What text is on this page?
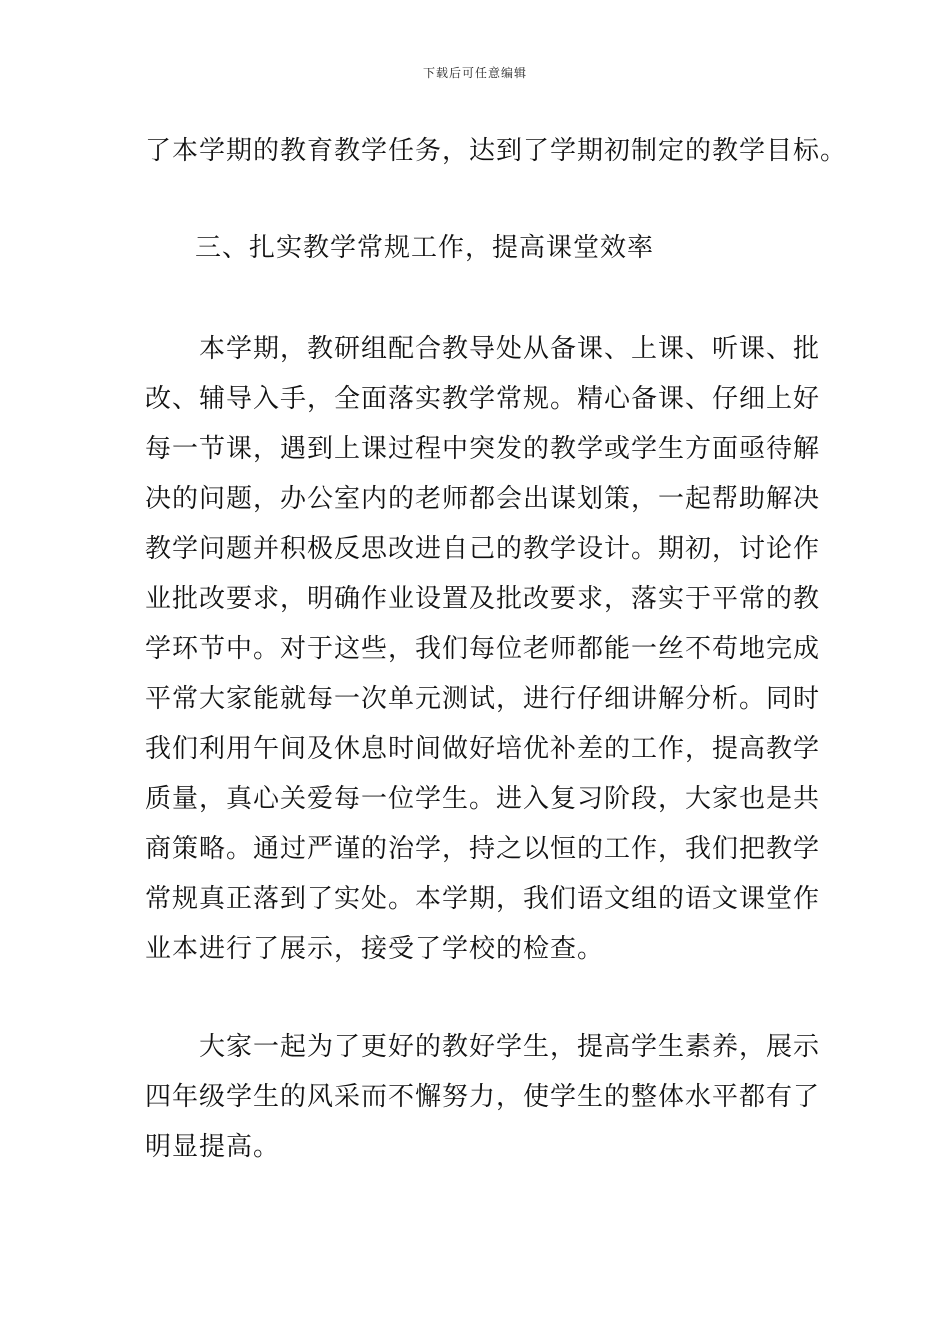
下载后可任意编辑
了本学期的教育教学任务，达到了学期初制定的教学目标。
三、扎实教学常规工作，提高课堂效率
本学期，教研组配合教导处从备课、上课、听课、批
改、辅导入手，全面落实教学常规。精心备课、仔细上好
每一节课，遇到上课过程中突发的教学或学生方面亟待解
决的问题，办公室内的老师都会出谋划策，一起帮助解决
教学问题并积极反思改进自己的教学设计。期初，讨论作
业批改要求，明确作业设置及批改要求，落实于平常的教
学环节中。对于这些，我们每位老师都能一丝不苟地完成
平常大家能就每一次单元测试，进行仔细讲解分析。同时
我们利用午间及休息时间做好培优补差的工作，提高教学
质量，真心关爱每一位学生。进入复习阶段，大家也是共
商策略。通过严谨的治学，持之以恒的工作，我们把教学
常规真正落到了实处。本学期，我们语文组的语文课堂作
业本进行了展示，接受了学校的检查。
大家一起为了更好的教好学生，提高学生素养，展示
四年级学生的风采而不懈努力，使学生的整体水平都有了
明显提高。
